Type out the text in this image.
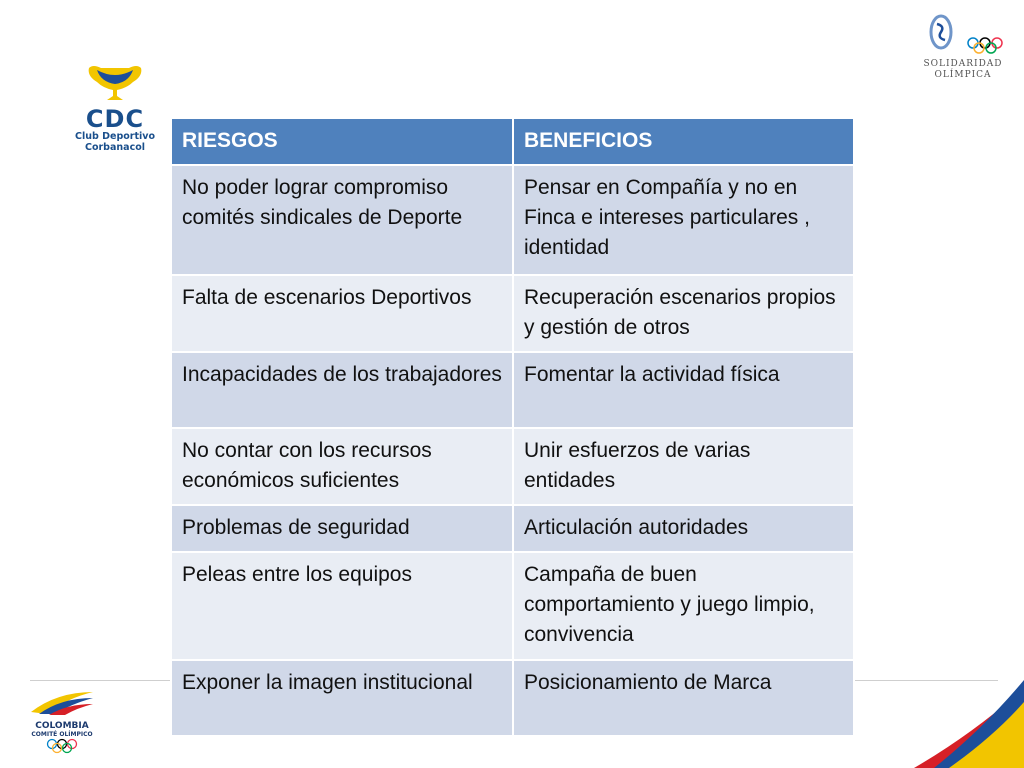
CDC
Club Deportivo
Corbanacol

SOLIDARIDAD
OLÍMPICA
COLOMBIA
COMITÉ OLÍMPICO
RIESGOS	BENEFICIOS
No poder lograr compromiso comités sindicales de Deporte	Pensar en Compañía y no en Finca e intereses particulares , identidad
Falta de escenarios Deportivos	Recuperación escenarios propios y gestión de otros
Incapacidades de los trabajadores	Fomentar la actividad física
No contar con los recursos económicos suficientes	Unir esfuerzos de varias entidades
Problemas de seguridad	Articulación autoridades
Peleas entre los equipos	Campaña de buen comportamiento y juego limpio, convivencia
Exponer la imagen institucional	Posicionamiento de Marca
